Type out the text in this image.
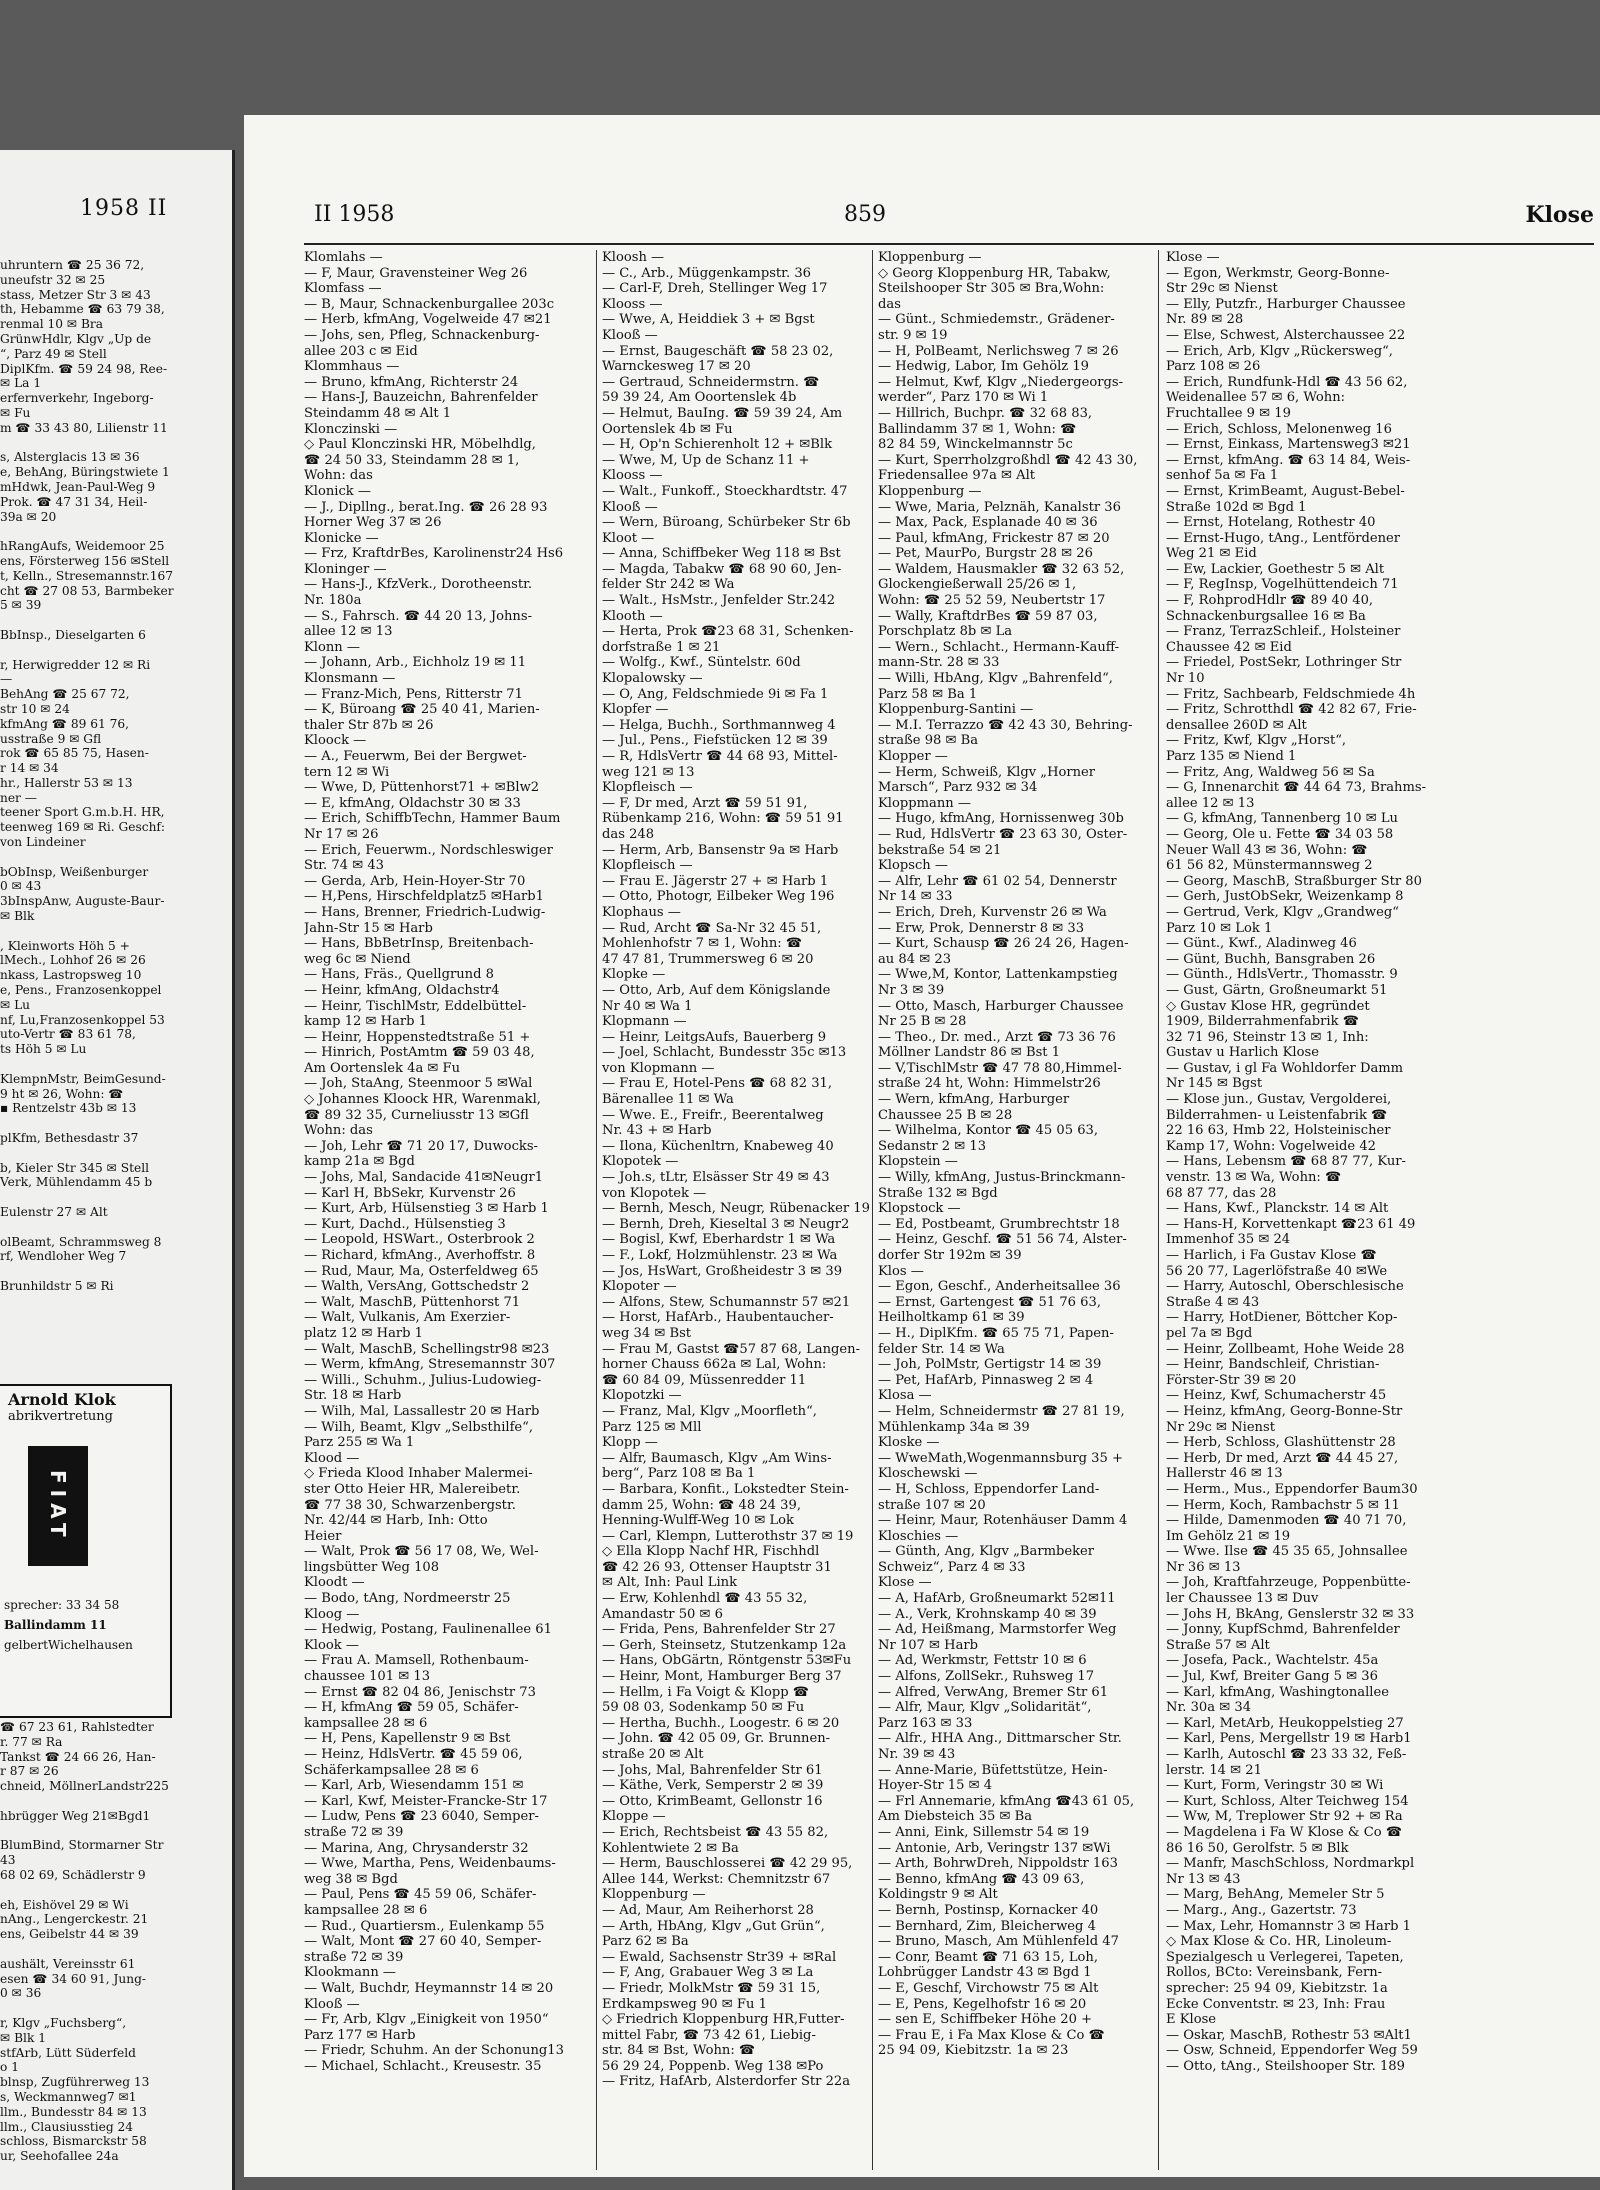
1958 II
uhruntern ☎ 25 36 72,
uneufstr 32 ✉ 25
stass, Metzer Str 3 ✉ 43
th, Hebamme ☎ 63 79 38,
renmal 10 ✉ Bra
GrünwHdlr, Klgv „Up de
“, Parz 49 ✉ Stell
DiplKfm. ☎ 59 24 98, Ree-
✉ La 1
erfernverkehr, Ingeborg-
✉ Fu
m ☎ 33 43 80, Lilienstr 11
s, Alsterglacis 13 ✉ 36
e, BehAng, Büringstwiete 1
mHdwk, Jean-Paul-Weg 9
Prok. ☎ 47 31 34, Heil-
39a ✉ 20
hRangAufs, Weidemoor 25
ens, Försterweg 156 ✉Stell
t, Kelln., Stresemannstr.167
cht ☎ 27 08 53, Barmbeker
5 ✉ 39
BbInsp., Dieselgarten 6
r, Herwigredder 12 ✉ Ri
—
BehAng ☎ 25 67 72,
str 10 ✉ 24
kfmAng ☎ 89 61 76,
usstraße 9 ✉ Gfl
rok ☎ 65 85 75, Hasen-
r 14 ✉ 34
hr., Hallerstr 53 ✉ 13
ner —
teener Sport G.m.b.H. HR,
teenweg 169 ✉ Ri. Geschf:
von Lindeiner
bObInsp, Weißenburger
0 ✉ 43
3bInspAnw, Auguste-Baur-
✉ Blk
, Kleinworts Höh 5 +
lMech., Lohhof 26 ✉ 26
nkass, Lastropsweg 10
e, Pens., Franzosenkoppel
✉ Lu
nf, Lu,Franzosenkoppel 53
uto-Vertr ☎ 83 61 78,
ts Höh 5 ✉ Lu
KlempnMstr, BeimGesund-
9 ht ✉ 26, Wohn: ☎
▪ Rentzelstr 43b ✉ 13
plKfm, Bethesdastr 37
b, Kieler Str 345 ✉ Stell
Verk, Mühlendamm 45 b
Eulenstr 27 ✉ Alt
olBeamt, Schrammsweg 8
rf, Wendloher Weg 7
Brunhildstr 5 ✉ Ri
Arnold Klok
abrikvertretung
FIAT
sprecher: 33 34 58
Ballindamm 11
gelbertWichelhausen
☎ 67 23 61, Rahlstedter
r. 77 ✉ Ra
Tankst ☎ 24 66 26, Han-
r 87 ✉ 26
chneid, MöllnerLandstr225
hbrügger Weg 21✉Bgd1
BlumBind, Stormarner Str
43
68 02 69, Schädlerstr 9
eh, Eishövel 29 ✉ Wi
nAng., Lengerckestr. 21
ens, Geibelstr 44 ✉ 39
aushält, Vereinsstr 61
esen ☎ 34 60 91, Jung-
0 ✉ 36
r, Klgv „Fuchsberg“,
✉ Blk 1
stfArb, Lütt Süderfeld
o 1
blnsp, Zugführerweg 13
s, Weckmannweg7 ✉1
llm., Bundesstr 84 ✉ 13
llm., Clausiusstieg 24
schloss, Bismarckstr 58
ur, Seehofallee 24a
II 1958	859	Klose
Klomlahs —
— F, Maur, Gravensteiner Weg 26
Klomfass —
— B, Maur, Schnackenburgallee 203c
— Herb, kfmAng, Vogelweide 47 ✉21
— Johs, sen, Pfleg, Schnackenburg-
allee 203 c ✉ Eid
Klommhaus —
— Bruno, kfmAng, Richterstr 24
— Hans-J, Bauzeichn, Bahrenfelder
Steindamm 48 ✉ Alt 1
Klonczinski —
◇ Paul Klonczinski HR, Möbelhdlg,
☎ 24 50 33, Steindamm 28 ✉ 1,
Wohn: das
Klonick —
— J., Dipllng., berat.Ing. ☎ 26 28 93
Horner Weg 37 ✉ 26
Klonicke —
— Frz, KraftdrBes, Karolinenstr24 Hs6
Kloninger —
— Hans-J., KfzVerk., Dorotheenstr.
Nr. 180a
— S., Fahrsch. ☎ 44 20 13, Johns-
allee 12 ✉ 13
Klonn —
— Johann, Arb., Eichholz 19 ✉ 11
Klonsmann —
— Franz-Mich, Pens, Ritterstr 71
— K, Büroang ☎ 25 40 41, Marien-
thaler Str 87b ✉ 26
Kloock —
— A., Feuerwm, Bei der Bergwet-
tern 12 ✉ Wi
— Wwe, D, Püttenhorst71 + ✉Blw2
— E, kfmAng, Oldachstr 30 ✉ 33
— Erich, SchiffbTechn, Hammer Baum
Nr 17 ✉ 26
— Erich, Feuerwm., Nordschleswiger
Str. 74 ✉ 43
— Gerda, Arb, Hein-Hoyer-Str 70
— H,Pens, Hirschfeldplatz5 ✉Harb1
— Hans, Brenner, Friedrich-Ludwig-
Jahn-Str 15 ✉ Harb
— Hans, BbBetrInsp, Breitenbach-
weg 6c ✉ Niend
— Hans, Fräs., Quellgrund 8
— Heinr, kfmAng, Oldachstr4
— Heinr, TischlMstr, Eddelbüttel-
kamp 12 ✉ Harb 1
— Heinr, Hoppenstedtstraße 51 +
— Hinrich, PostAmtm ☎ 59 03 48,
Am Oortenslek 4a ✉ Fu
— Joh, StaAng, Steenmoor 5 ✉Wal
◇ Johannes Kloock HR, Warenmakl,
☎ 89 32 35, Curneliusstr 13 ✉Gfl
Wohn: das
— Joh, Lehr ☎ 71 20 17, Duwocks-
kamp 21a ✉ Bgd
— Johs, Mal, Sandacide 41✉Neugr1
— Karl H, BbSekr, Kurvenstr 26
— Kurt, Arb, Hülsenstieg 3 ✉ Harb 1
— Kurt, Dachd., Hülsenstieg 3
— Leopold, HSWart., Osterbrook 2
— Richard, kfmAng., Averhoffstr. 8
— Rud, Maur, Ma, Osterfeldweg 65
— Walth, VersAng, Gottschedstr 2
— Walt, MaschB, Püttenhorst 71
— Walt, Vulkanis, Am Exerzier-
platz 12 ✉ Harb 1
— Walt, MaschB, Schellingstr98 ✉23
— Werm, kfmAng, Stresemannstr 307
— Willi., Schuhm., Julius-Ludowieg-
Str. 18 ✉ Harb
— Wilh, Mal, Lassallestr 20 ✉ Harb
— Wilh, Beamt, Klgv „Selbsthilfe“,
Parz 255 ✉ Wa 1
Klood —
◇ Frieda Klood Inhaber Malermei-
ster Otto Heier HR, Malereibetr.
☎ 77 38 30, Schwarzenbergstr.
Nr. 42/44 ✉ Harb, Inh: Otto
Heier
— Walt, Prok ☎ 56 17 08, We, Wel-
lingsbütter Weg 108
Kloodt —
— Bodo, tAng, Nordmeerstr 25
Kloog —
— Hedwig, Postang, Faulinenallee 61
Klook —
— Frau A. Mamsell, Rothenbaum-
chaussee 101 ✉ 13
— Ernst ☎ 82 04 86, Jenischstr 73
— H, kfmAng ☎ 59 05, Schäfer-
kampsallee 28 ✉ 6
— H, Pens, Kapellenstr 9 ✉ Bst
— Heinz, HdlsVertr. ☎ 45 59 06,
Schäferkampsallee 28 ✉ 6
— Karl, Arb, Wiesendamm 151 ✉
— Karl, Kwf, Meister-Francke-Str 17
— Ludw, Pens ☎ 23 6040, Semper-
straße 72 ✉ 39
— Marina, Ang, Chrysanderstr 32
— Wwe, Martha, Pens, Weidenbaums-
weg 38 ✉ Bgd
— Paul, Pens ☎ 45 59 06, Schäfer-
kampsallee 28 ✉ 6
— Rud., Quartiersm., Eulenkamp 55
— Walt, Mont ☎ 27 60 40, Semper-
straße 72 ✉ 39
Klookmann —
— Walt, Buchdr, Heymannstr 14 ✉ 20
Klooß —
— Fr, Arb, Klgv „Einigkeit von 1950“
Parz 177 ✉ Harb
— Friedr, Schuhm. An der Schonung13
— Michael, Schlacht., Kreusestr. 35
Kloosh —
— C., Arb., Müggenkampstr. 36
— Carl-F, Dreh, Stellinger Weg 17
Klooss —
— Wwe, A, Heiddiek 3 + ✉ Bgst
Klooß —
— Ernst, Baugeschäft ☎ 58 23 02,
Warnckesweg 17 ✉ 20
— Gertraud, Schneidermstrn. ☎
59 39 24, Am Ooortenslek 4b
— Helmut, BauIng. ☎ 59 39 24, Am
Oortenslek 4b ✉ Fu
— H, Op'n Schierenholt 12 + ✉Blk
— Wwe, M, Up de Schanz 11 +
Klooss —
— Walt., Funkoff., Stoeckhardtstr. 47
Klooß —
— Wern, Büroang, Schürbeker Str 6b
Kloot —
— Anna, Schiffbeker Weg 118 ✉ Bst
— Magda, Tabakw ☎ 68 90 60, Jen-
felder Str 242 ✉ Wa
— Walt., HsMstr., Jenfelder Str.242
Klooth —
— Herta, Prok ☎23 68 31, Schenken-
dorfstraße 1 ✉ 21
— Wolfg., Kwf., Süntelstr. 60d
Klopalowsky —
— O, Ang, Feldschmiede 9i ✉ Fa 1
Klopfer —
— Helga, Buchh., Sorthmannweg 4
— Jul., Pens., Fiefstücken 12 ✉ 39
— R, HdlsVertr ☎ 44 68 93, Mittel-
weg 121 ✉ 13
Klopfleisch —
— F, Dr med, Arzt ☎ 59 51 91,
Rübenkamp 216, Wohn: ☎ 59 51 91
das 248
— Herm, Arb, Bansenstr 9a ✉ Harb
Klopfleisch —
— Frau E. Jägerstr 27 + ✉ Harb 1
— Otto, Photogr, Eilbeker Weg 196
Klophaus —
— Rud, Archt ☎ Sa-Nr 32 45 51,
Mohlenhofstr 7 ✉ 1, Wohn: ☎
47 47 81, Trummersweg 6 ✉ 20
Klopke —
— Otto, Arb, Auf dem Königslande
Nr 40 ✉ Wa 1
Klopmann —
— Heinr, LeitgsAufs, Bauerberg 9
— Joel, Schlacht, Bundesstr 35c ✉13
von Klopmann —
— Frau E, Hotel-Pens ☎ 68 82 31,
Bärenallee 11 ✉ Wa
— Wwe. E., Freifr., Beerentalweg
Nr. 43 + ✉ Harb
— Ilona, Küchenltrn, Knabeweg 40
Klopotek —
— Joh.s, tLtr, Elsässer Str 49 ✉ 43
von Klopotek —
— Bernh, Mesch, Neugr, Rübenacker 19
— Bernh, Dreh, Kieseltal 3 ✉ Neugr2
— Bogisl, Kwf, Eberhardstr 1 ✉ Wa
— F., Lokf, Holzmühlenstr. 23 ✉ Wa
— Jos, HsWart, Großheidestr 3 ✉ 39
Klopoter —
— Alfons, Stew, Schumannstr 57 ✉21
— Horst, HafArb., Haubentaucher-
weg 34 ✉ Bst
— Frau M, Gastst ☎57 87 68, Langen-
horner Chauss 662a ✉ Lal, Wohn:
☎ 60 84 09, Müssenredder 11
Klopotzki —
— Franz, Mal, Klgv „Moorfleth“,
Parz 125 ✉ Mll
Klopp —
— Alfr, Baumasch, Klgv „Am Wins-
berg“, Parz 108 ✉ Ba 1
— Barbara, Konfit., Lokstedter Stein-
damm 25, Wohn: ☎ 48 24 39,
Henning-Wulff-Weg 10 ✉ Lok
— Carl, Klempn, Lutterothstr 37 ✉ 19
◇ Ella Klopp Nachf HR, Fischhdl
☎ 42 26 93, Ottenser Hauptstr 31
✉ Alt, Inh: Paul Link
— Erw, Kohlenhdl ☎ 43 55 32,
Amandastr 50 ✉ 6
— Frida, Pens, Bahrenfelder Str 27
— Gerh, Steinsetz, Stutzenkamp 12a
— Hans, ObGärtn, Röntgenstr 53✉Fu
— Heinr, Mont, Hamburger Berg 37
— Hellm, i Fa Voigt & Klopp ☎
59 08 03, Sodenkamp 50 ✉ Fu
— Hertha, Buchh., Loogestr. 6 ✉ 20
— John. ☎ 42 05 09, Gr. Brunnen-
straße 20 ✉ Alt
— Johs, Mal, Bahrenfelder Str 61
— Käthe, Verk, Semperstr 2 ✉ 39
— Otto, KrimBeamt, Gellonstr 16
Kloppe —
— Erich, Rechtsbeist ☎ 43 55 82,
Kohlentwiete 2 ✉ Ba
— Herm, Bauschlosserei ☎ 42 29 95,
Allee 144, Werkst: Chemnitzstr 67
Kloppenburg —
— Ad, Maur, Am Reiherhorst 28
— Arth, HbAng, Klgv „Gut Grün“,
Parz 62 ✉ Ba
— Ewald, Sachsenstr Str39 + ✉Ral
— F, Ang, Grabauer Weg 3 ✉ La
— Friedr, MolkMstr ☎ 59 31 15,
Erdkampsweg 90 ✉ Fu 1
◇ Friedrich Kloppenburg HR,Futter-
mittel Fabr, ☎ 73 42 61, Liebig-
str. 84 ✉ Bst, Wohn: ☎
56 29 24, Poppenb. Weg 138 ✉Po
— Fritz, HafArb, Alsterdorfer Str 22a
Kloppenburg —
◇ Georg Kloppenburg HR, Tabakw,
Steilshooper Str 305 ✉ Bra,Wohn:
das
— Günt., Schmiedemstr., Grädener-
str. 9 ✉ 19
— H, PolBeamt, Nerlichsweg 7 ✉ 26
— Hedwig, Labor, Im Gehölz 19
— Helmut, Kwf, Klgv „Niedergeorgs-
werder“, Parz 170 ✉ Wi 1
— Hillrich, Buchpr. ☎ 32 68 83,
Ballindamm 37 ✉ 1, Wohn: ☎
82 84 59, Winckelmannstr 5c
— Kurt, Sperrholzgroßhdl ☎ 42 43 30,
Friedensallee 97a ✉ Alt
Kloppenburg —
— Wwe, Maria, Pelznäh, Kanalstr 36
— Max, Pack, Esplanade 40 ✉ 36
— Paul, kfmAng, Frickestr 87 ✉ 20
— Pet, MaurPo, Burgstr 28 ✉ 26
— Waldem, Hausmakler ☎ 32 63 52,
Glockengießerwall 25/26 ✉ 1,
Wohn: ☎ 25 52 59, Neubertstr 17
— Wally, KraftdrBes ☎ 59 87 03,
Porschplatz 8b ✉ La
— Wern., Schlacht., Hermann-Kauff-
mann-Str. 28 ✉ 33
— Willi, HbAng, Klgv „Bahrenfeld“,
Parz 58 ✉ Ba 1
Kloppenburg-Santini —
— M.I. Terrazzo ☎ 42 43 30, Behring-
straße 98 ✉ Ba
Klopper —
— Herm, Schweiß, Klgv „Horner
Marsch“, Parz 932 ✉ 34
Kloppmann —
— Hugo, kfmAng, Hornissenweg 30b
— Rud, HdlsVertr ☎ 23 63 30, Oster-
bekstraße 54 ✉ 21
Klopsch —
— Alfr, Lehr ☎ 61 02 54, Dennerstr
Nr 14 ✉ 33
— Erich, Dreh, Kurvenstr 26 ✉ Wa
— Erw, Prok, Dennerstr 8 ✉ 33
— Kurt, Schausp ☎ 26 24 26, Hagen-
au 84 ✉ 23
— Wwe,M, Kontor, Lattenkampstieg
Nr 3 ✉ 39
— Otto, Masch, Harburger Chaussee
Nr 25 B ✉ 28
— Theo., Dr. med., Arzt ☎ 73 36 76
Möllner Landstr 86 ✉ Bst 1
— V,TischlMstr ☎ 47 78 80,Himmel-
straße 24 ht, Wohn: Himmelstr26
— Wern, kfmAng, Harburger
Chaussee 25 B ✉ 28
— Wilhelma, Kontor ☎ 45 05 63,
Sedanstr 2 ✉ 13
Klopstein —
— Willy, kfmAng, Justus-Brinckmann-
Straße 132 ✉ Bgd
Klopstock —
— Ed, Postbeamt, Grumbrechtstr 18
— Heinz, Geschf. ☎ 51 56 74, Alster-
dorfer Str 192m ✉ 39
Klos —
— Egon, Geschf., Anderheitsallee 36
— Ernst, Gartengest ☎ 51 76 63,
Heilholtkamp 61 ✉ 39
— H., DiplKfm. ☎ 65 75 71, Papen-
felder Str. 14 ✉ Wa
— Joh, PolMstr, Gertigstr 14 ✉ 39
— Pet, HafArb, Pinnasweg 2 ✉ 4
Klosa —
— Helm, Schneidermstr ☎ 27 81 19,
Mühlenkamp 34a ✉ 39
Kloske —
— WweMath,Wogenmannsburg 35 +
Kloschewski —
— H, Schloss, Eppendorfer Land-
straße 107 ✉ 20
— Heinr, Maur, Rotenhäuser Damm 4
Kloschies —
— Günth, Ang, Klgv „Barmbeker
Schweiz“, Parz 4 ✉ 33
Klose —
— A, HafArb, Großneumarkt 52✉11
— A., Verk, Krohnskamp 40 ✉ 39
— Ad, Heißmang, Marmstorfer Weg
Nr 107 ✉ Harb
— Ad, Werkmstr, Fettstr 10 ✉ 6
— Alfons, ZollSekr., Ruhsweg 17
— Alfred, VerwAng, Bremer Str 61
— Alfr, Maur, Klgv „Solidarität“,
Parz 163 ✉ 33
— Alfr., HHA Ang., Dittmarscher Str.
Nr. 39 ✉ 43
— Anne-Marie, Büfettstütze, Hein-
Hoyer-Str 15 ✉ 4
— Frl Annemarie, kfmAng ☎43 61 05,
Am Diebsteich 35 ✉ Ba
— Anni, Eink, Sillemstr 54 ✉ 19
— Antonie, Arb, Veringstr 137 ✉Wi
— Arth, BohrwDreh, Nippoldstr 163
— Benno, kfmAng ☎ 43 09 63,
Koldingstr 9 ✉ Alt
— Bernh, Postinsp, Kornacker 40
— Bernhard, Zim, Bleicherweg 4
— Bruno, Masch, Am Mühlenfeld 47
— Conr, Beamt ☎ 71 63 15, Loh,
Lohbrügger Landstr 43 ✉ Bgd 1
— E, Geschf, Virchowstr 75 ✉ Alt
— E, Pens, Kegelhofstr 16 ✉ 20
— sen E, Schiffbeker Höhe 20 +
— Frau E, i Fa Max Klose & Co ☎
25 94 09, Kiebitzstr. 1a ✉ 23
Klose —
— Egon, Werkmstr, Georg-Bonne-
Str 29c ✉ Nienst
— Elly, Putzfr., Harburger Chaussee
Nr. 89 ✉ 28
— Else, Schwest, Alsterchaussee 22
— Erich, Arb, Klgv „Rückersweg“,
Parz 108 ✉ 26
— Erich, Rundfunk-Hdl ☎ 43 56 62,
Weidenallee 57 ✉ 6, Wohn:
Fruchtallee 9 ✉ 19
— Erich, Schloss, Melonenweg 16
— Ernst, Einkass, Martensweg3 ✉21
— Ernst, kfmAng. ☎ 63 14 84, Weis-
senhof 5a ✉ Fa 1
— Ernst, KrimBeamt, August-Bebel-
Straße 102d ✉ Bgd 1
— Ernst, Hotelang, Rothestr 40
— Ernst-Hugo, tAng., Lentfördener
Weg 21 ✉ Eid
— Ew, Lackier, Goethestr 5 ✉ Alt
— F, RegInsp, Vogelhüttendeich 71
— F, RohprodHdlr ☎ 89 40 40,
Schnackenburgsallee 16 ✉ Ba
— Franz, TerrazSchleif., Holsteiner
Chaussee 42 ✉ Eid
— Friedel, PostSekr, Lothringer Str
Nr 10
— Fritz, Sachbearb, Feldschmiede 4h
— Fritz, Schrotthdl ☎ 42 82 67, Frie-
densallee 260D ✉ Alt
— Fritz, Kwf, Klgv „Horst“,
Parz 135 ✉ Niend 1
— Fritz, Ang, Waldweg 56 ✉ Sa
— G, Innenarchit ☎ 44 64 73, Brahms-
allee 12 ✉ 13
— G, kfmAng, Tannenberg 10 ✉ Lu
— Georg, Ole u. Fette ☎ 34 03 58
Neuer Wall 43 ✉ 36, Wohn: ☎
61 56 82, Münstermannsweg 2
— Georg, MaschB, Straßburger Str 80
— Gerh, JustObSekr, Weizenkamp 8
— Gertrud, Verk, Klgv „Grandweg“
Parz 10 ✉ Lok 1
— Günt., Kwf., Aladinweg 46
— Günt, Buchh, Bansgraben 26
— Günth., HdlsVertr., Thomasstr. 9
— Gust, Gärtn, Großneumarkt 51
◇ Gustav Klose HR, gegründet
1909, Bilderrahmenfabrik ☎
32 71 96, Steinstr 13 ✉ 1, Inh:
Gustav u Harlich Klose
— Gustav, i gl Fa Wohldorfer Damm
Nr 145 ✉ Bgst
— Klose jun., Gustav, Vergolderei,
Bilderrahmen- u Leistenfabrik ☎
22 16 63, Hmb 22, Holsteinischer
Kamp 17, Wohn: Vogelweide 42
— Hans, Lebensm ☎ 68 87 77, Kur-
venstr. 13 ✉ Wa, Wohn: ☎
68 87 77, das 28
— Hans, Kwf., Planckstr. 14 ✉ Alt
— Hans-H, Korvettenkapt ☎23 61 49
Immenhof 35 ✉ 24
— Harlich, i Fa Gustav Klose ☎
56 20 77, Lagerlöfstraße 40 ✉We
— Harry, Autoschl, Oberschlesische
Straße 4 ✉ 43
— Harry, HotDiener, Böttcher Kop-
pel 7a ✉ Bgd
— Heinr, Zollbeamt, Hohe Weide 28
— Heinr, Bandschleif, Christian-
Förster-Str 39 ✉ 20
— Heinz, Kwf, Schumacherstr 45
— Heinz, kfmAng, Georg-Bonne-Str
Nr 29c ✉ Nienst
— Herb, Schloss, Glashüttenstr 28
— Herb, Dr med, Arzt ☎ 44 45 27,
Hallerstr 46 ✉ 13
— Herm., Mus., Eppendorfer Baum30
— Herm, Koch, Rambachstr 5 ✉ 11
— Hilde, Damenmoden ☎ 40 71 70,
Im Gehölz 21 ✉ 19
— Wwe. Ilse ☎ 45 35 65, Johnsallee
Nr 36 ✉ 13
— Joh, Kraftfahrzeuge, Poppenbütte-
ler Chaussee 13 ✉ Duv
— Johs H, BkAng, Genslerstr 32 ✉ 33
— Jonny, KupfSchmd, Bahrenfelder
Straße 57 ✉ Alt
— Josefa, Pack., Wachtelstr. 45a
— Jul, Kwf, Breiter Gang 5 ✉ 36
— Karl, kfmAng, Washingtonallee
Nr. 30a ✉ 34
— Karl, MetArb, Heukoppelstieg 27
— Karl, Pens, Mergellstr 19 ✉ Harb1
— Karlh, Autoschl ☎ 23 33 32, Feß-
lerstr. 14 ✉ 21
— Kurt, Form, Veringstr 30 ✉ Wi
— Kurt, Schloss, Alter Teichweg 154
— Ww, M, Treplower Str 92 + ✉ Ra
— Magdelena i Fa W Klose & Co ☎
86 16 50, Gerolfstr. 5 ✉ Blk
— Manfr, MaschSchloss, Nordmarkpl
Nr 13 ✉ 43
— Marg, BehAng, Memeler Str 5
— Marg., Ang., Gazertstr. 73
— Max, Lehr, Homannstr 3 ✉ Harb 1
◇ Max Klose & Co. HR, Linoleum-
Spezialgesch u Verlegerei, Tapeten,
Rollos, BCto: Vereinsbank, Fern-
sprecher: 25 94 09, Kiebitzstr. 1a
Ecke Conventstr. ✉ 23, Inh: Frau
E Klose
— Oskar, MaschB, Rothestr 53 ✉Alt1
— Osw, Schneid, Eppendorfer Weg 59
— Otto, tAng., Steilshooper Str. 189
